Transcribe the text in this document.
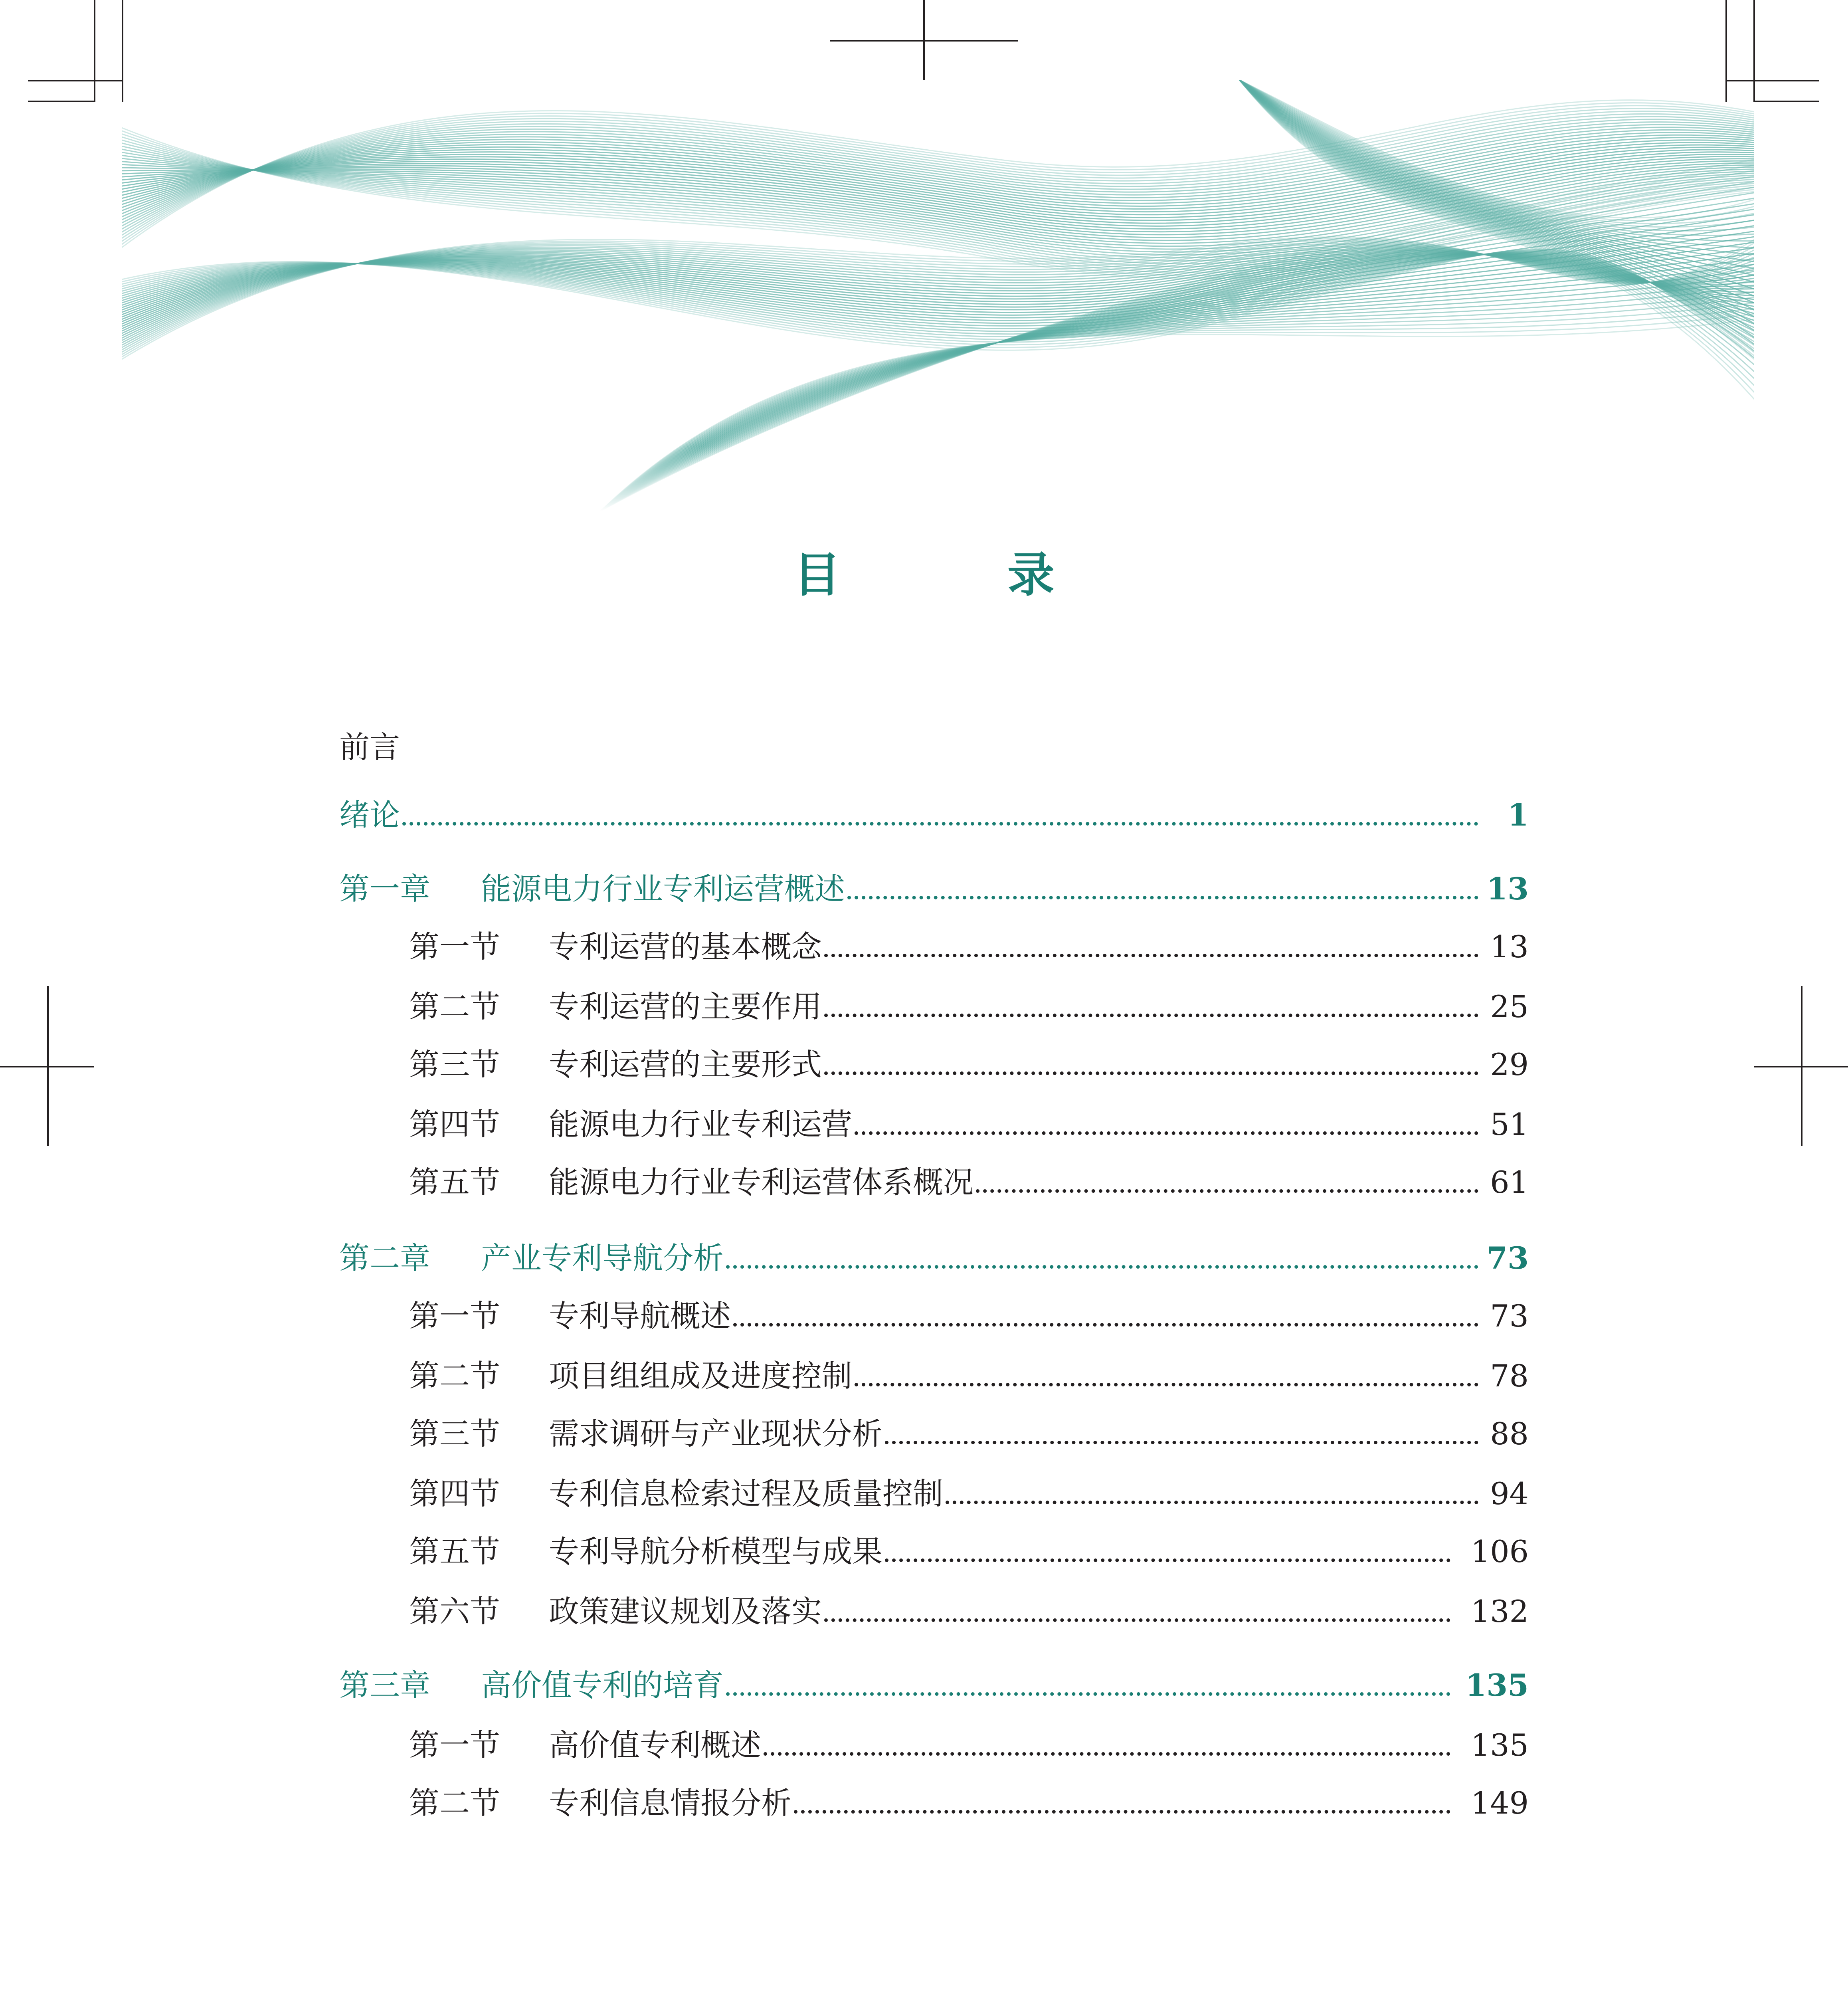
目　录
前言
绪论	1
第一章	能源电力行业专利运营概述	13
第一节	专利运营的基本概念	13
第二节	专利运营的主要作用	25
第三节	专利运营的主要形式	29
第四节	能源电力行业专利运营	51
第五节	能源电力行业专利运营体系概况	61
第二章	产业专利导航分析	73
第一节	专利导航概述	73
第二节	项目组组成及进度控制	78
第三节	需求调研与产业现状分析	88
第四节	专利信息检索过程及质量控制	94
第五节	专利导航分析模型与成果	106
第六节	政策建议规划及落实	132
第三章	高价值专利的培育	135
第一节	高价值专利概述	135
第二节	专利信息情报分析	149
